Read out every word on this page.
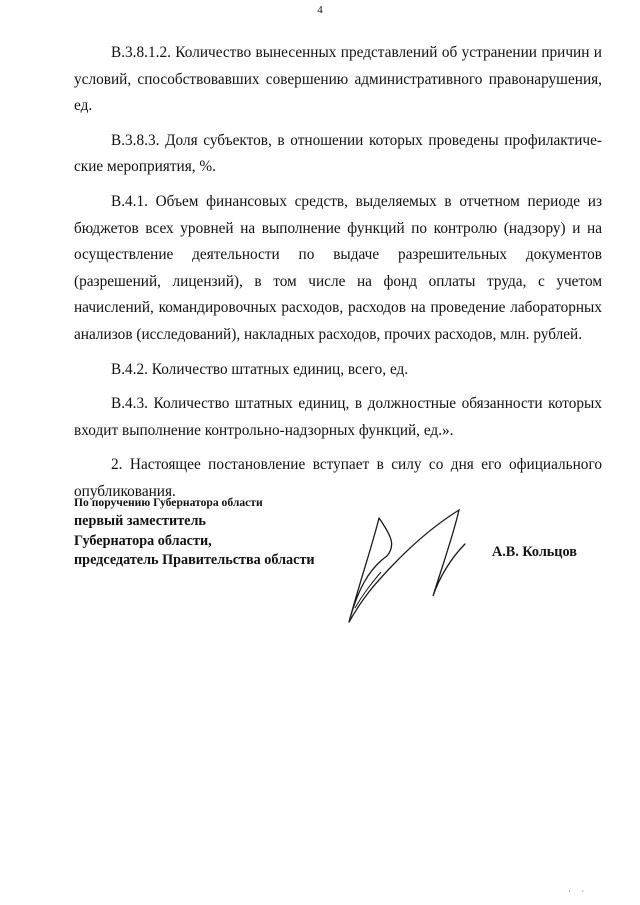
4

В.3.8.1.2. Количество вынесенных представлений об устранении причин и условий, способствовавших совершению административного правонарушения, ед.

В.3.8.3. Доля субъектов, в отношении которых проведены профилактические мероприятия, %.

В.4.1. Объем финансовых средств, выделяемых в отчетном периоде из бюджетов всех уровней на выполнение функций по контролю (надзору) и на осуществление деятельности по выдаче разрешительных документов (разрешений, лицензий), в том числе на фонд оплаты труда, с учетом начислений, командировочных расходов, расходов на проведение лабораторных анализов (исследований), накладных расходов, прочих расходов, млн. рублей.

В.4.2. Количество штатных единиц, всего, ед.

В.4.3. Количество штатных единиц, в должностные обязанности которых входит выполнение контрольно-надзорных функций, ед.».

2. Настоящее постановление вступает в силу со дня его официального опубликования.

По поручению Губернатора области
первый заместитель
Губернатора области,
председатель Правительства области	А.В. Кольцов
· ·
